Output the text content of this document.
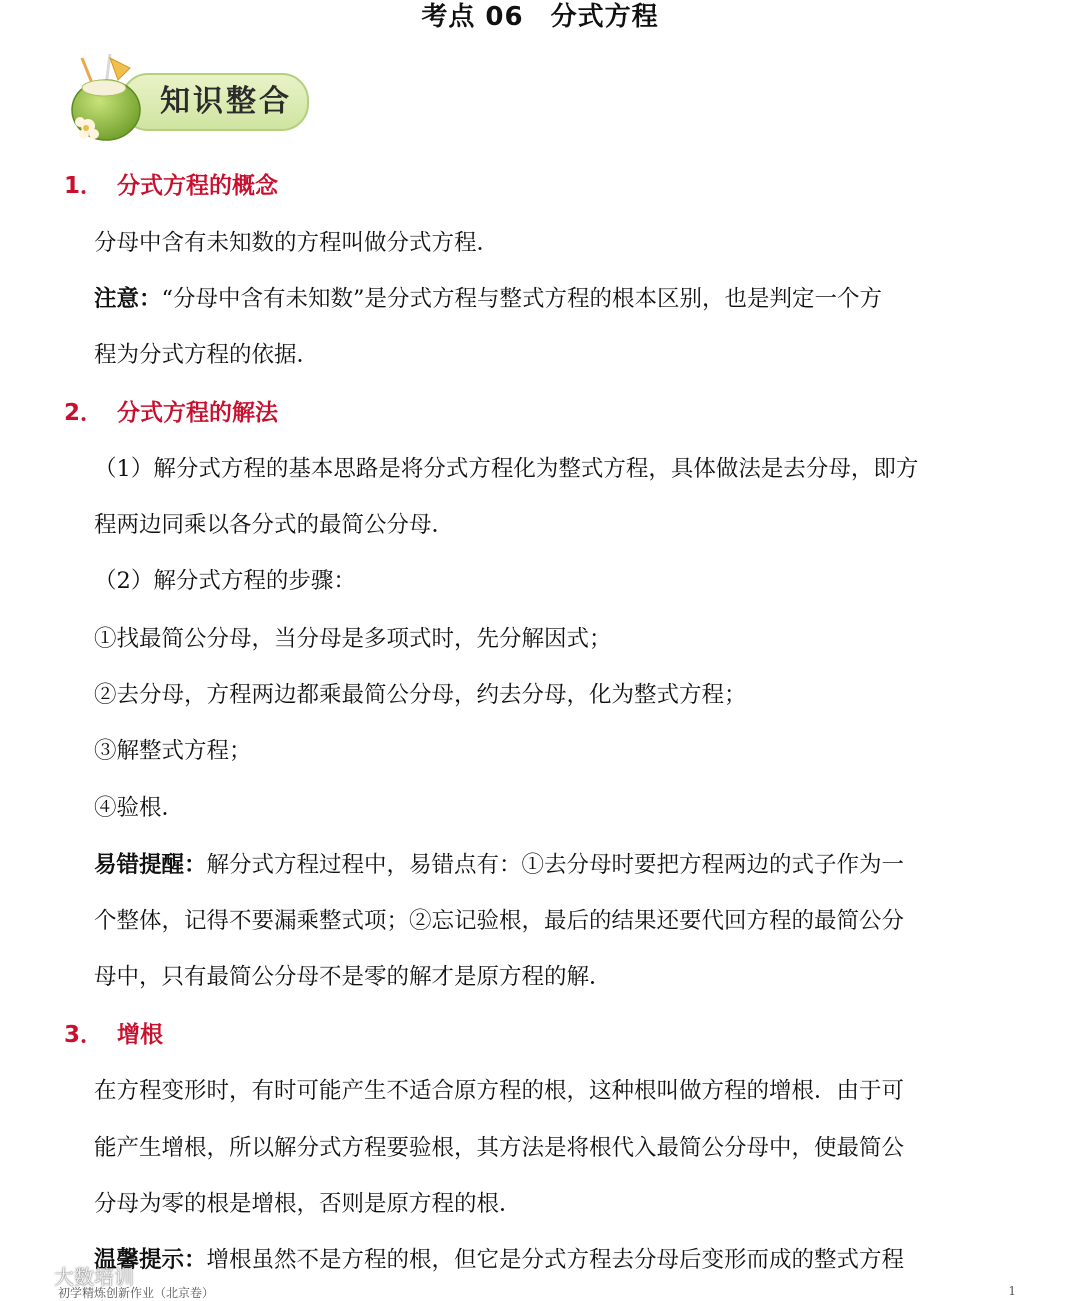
考点 06　分式方程
知识整合
1． 分式方程的概念
分母中含有未知数的方程叫做分式方程．
注意：“分母中含有未知数”是分式方程与整式方程的根本区别，也是判定一个方
程为分式方程的依据．
2． 分式方程的解法
（1）解分式方程的基本思路是将分式方程化为整式方程，具体做法是去分母，即方
程两边同乘以各分式的最简公分母．
（2）解分式方程的步骤：
①找最简公分母，当分母是多项式时，先分解因式；
②去分母，方程两边都乘最简公分母，约去分母，化为整式方程；
③解整式方程；
④验根．
易错提醒：解分式方程过程中，易错点有：①去分母时要把方程两边的式子作为一
个整体，记得不要漏乘整式项；②忘记验根，最后的结果还要代回方程的最简公分
母中，只有最简公分母不是零的解才是原方程的解．
3． 增根
在方程变形时，有时可能产生不适合原方程的根，这种根叫做方程的增根．由于可
能产生增根，所以解分式方程要验根，其方法是将根代入最简公分母中，使最简公
分母为零的根是增根，否则是原方程的根．
温馨提示：增根虽然不是方程的根，但它是分式方程去分母后变形而成的整式方程
初学精炼创新作业（北京卷）	1
大数培训
